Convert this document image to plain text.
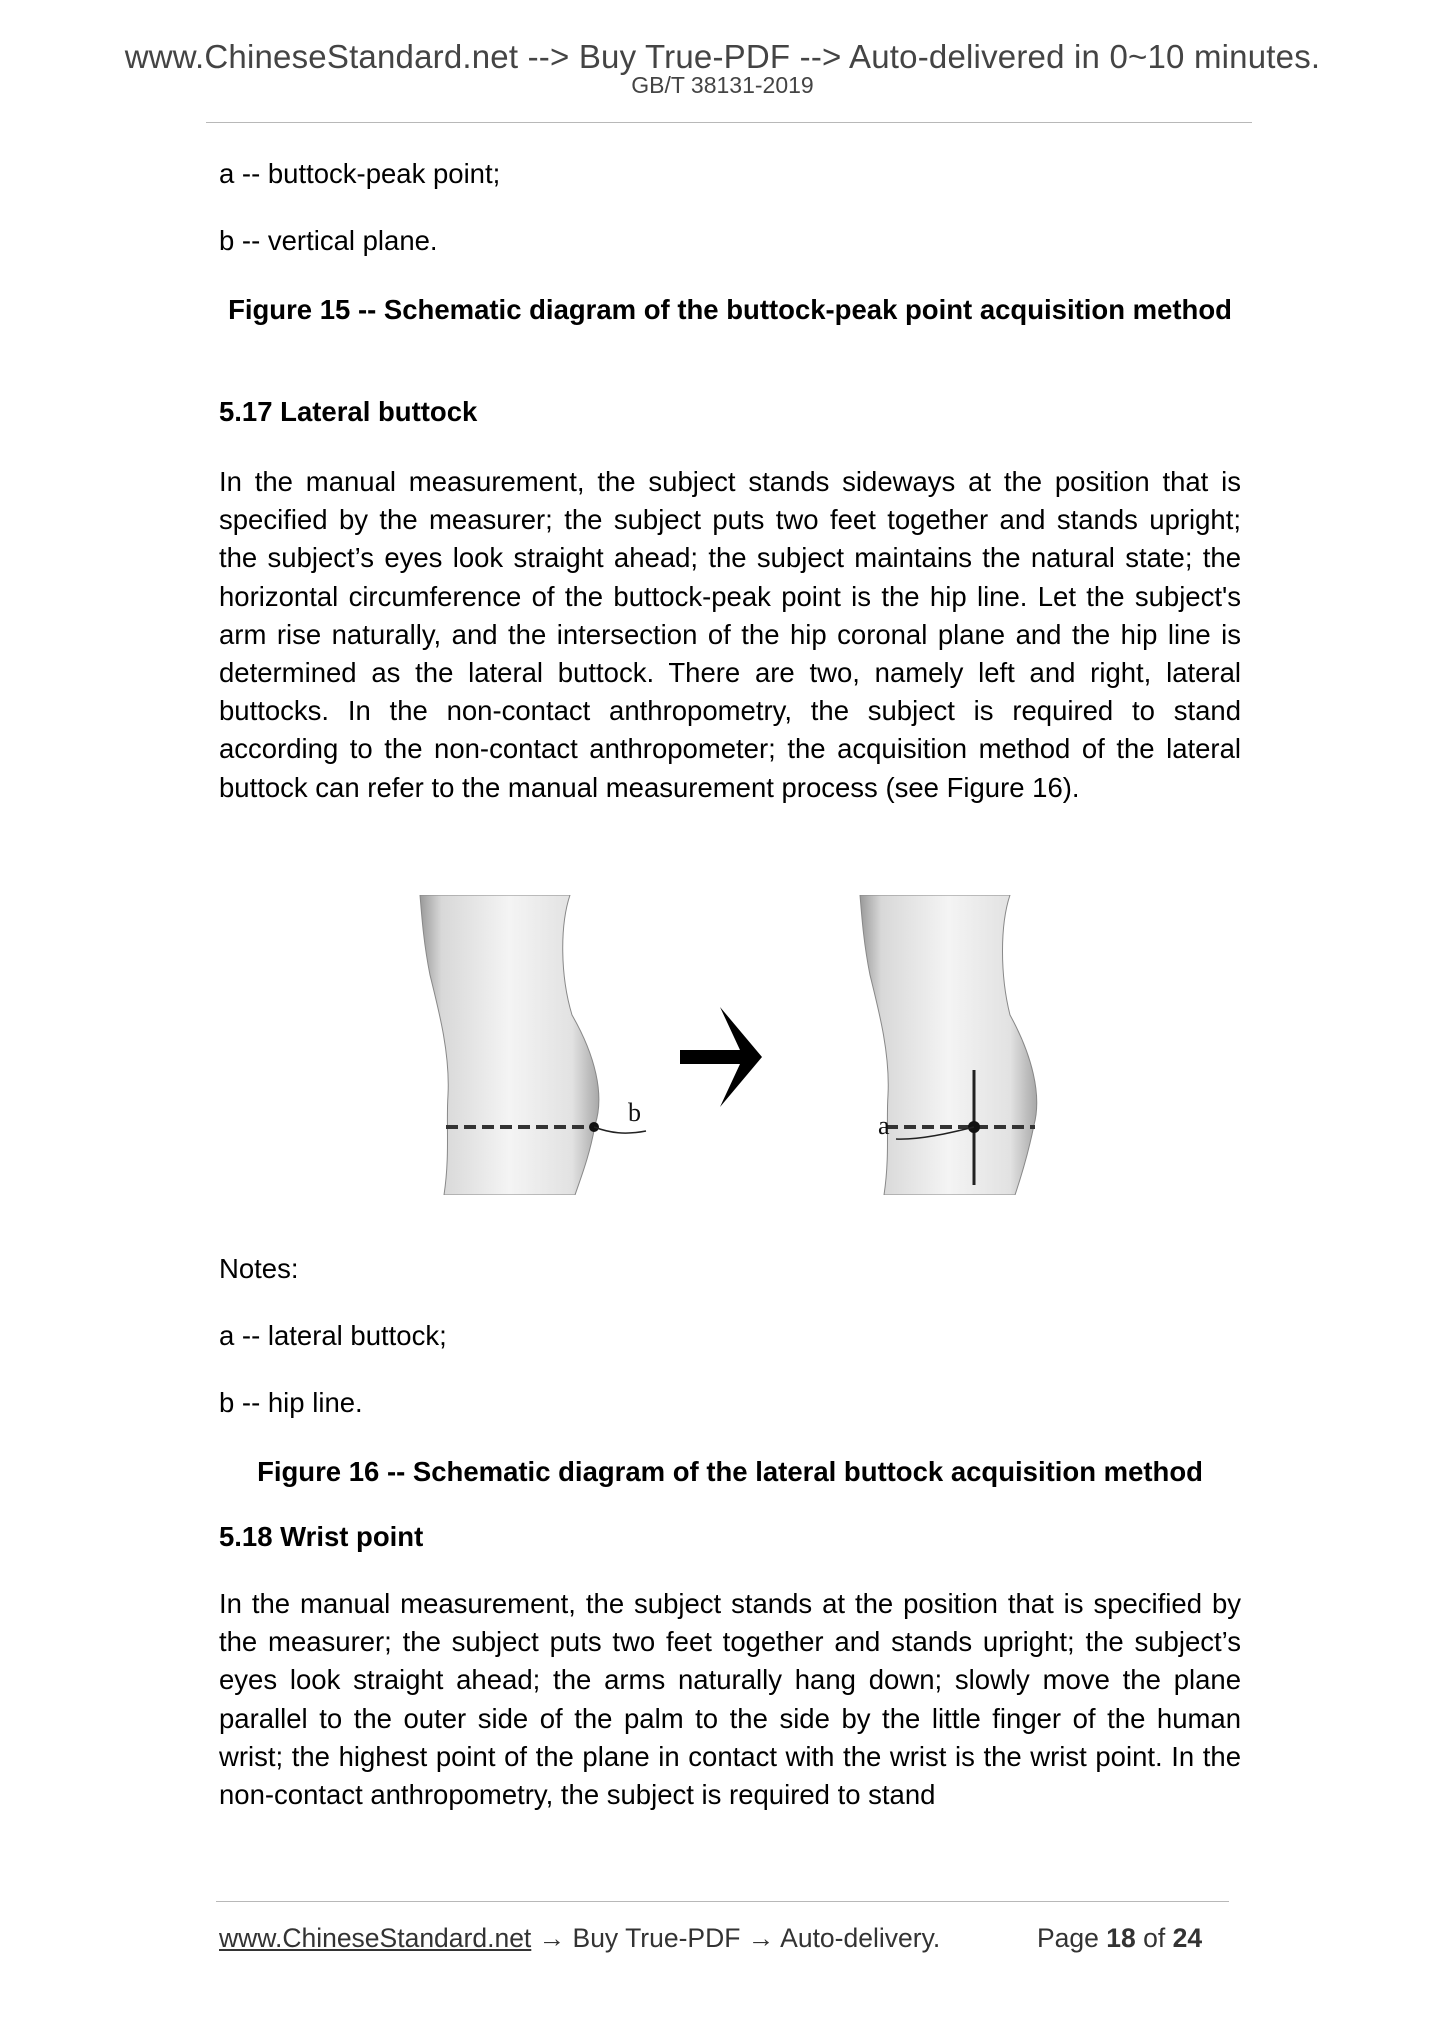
www.ChineseStandard.net --> Buy True-PDF --> Auto-delivered in 0~10 minutes.
GB/T 38131-2019

a -- buttock-peak point;

b -- vertical plane.

Figure 15 -- Schematic diagram of the buttock-peak point acquisition method

5.17 Lateral buttock

In the manual measurement, the subject stands sideways at the position that is specified by the measurer; the subject puts two feet together and stands upright; the subject’s eyes look straight ahead; the subject maintains the natural state; the horizontal circumference of the buttock-peak point is the hip line. Let the subject's arm rise naturally, and the intersection of the hip coronal plane and the hip line is determined as the lateral buttock. There are two, namely left and right, lateral buttocks. In the non-contact anthropometry, the subject is required to stand according to the non-contact anthropometer; the acquisition method of the lateral buttock can refer to the manual measurement process (see Figure 16).

b	a

Notes:

a -- lateral buttock;

b -- hip line.

Figure 16 -- Schematic diagram of the lateral buttock acquisition method

5.18 Wrist point

In the manual measurement, the subject stands at the position that is specified by the measurer; the subject puts two feet together and stands upright; the subject’s eyes look straight ahead; the arms naturally hang down; slowly move the plane parallel to the outer side of the palm to the side by the little finger of the human wrist; the highest point of the plane in contact with the wrist is the wrist point. In the non-contact anthropometry, the subject is required to stand

www.ChineseStandard.net → Buy True-PDF → Auto-delivery.	Page 18 of 24
